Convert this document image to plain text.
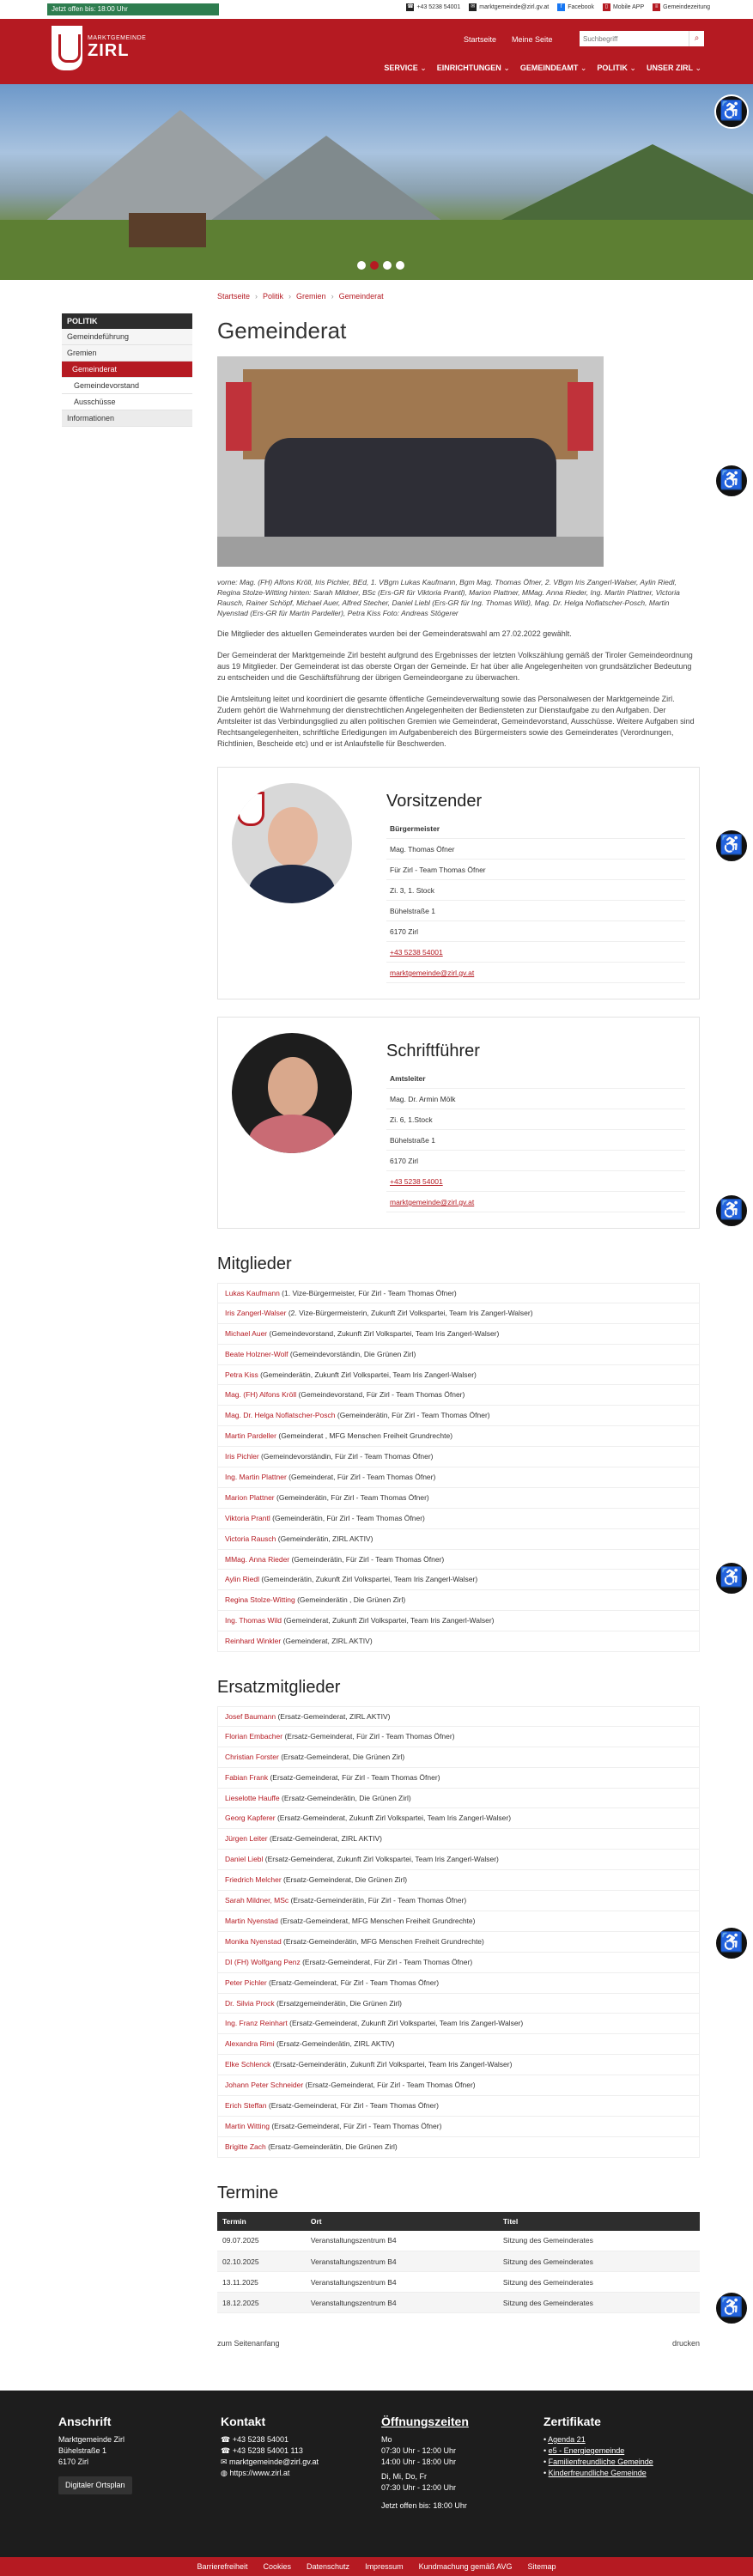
Jetzt offen bis: 18:00 Uhr	☎ +43 5238 54001	✉ marktgemeinde@zirl.gv.at	f Facebook	▯ Mobile APP	≡ Gemeindezeitung
MARKTGEMEINDE
ZIRL
Startseite Meine Seite
Suchbegriff	⌕
SERVICE ⌄	EINRICHTUNGEN ⌄	GEMEINDEAMT ⌄	POLITIK ⌄	UNSER ZIRL ⌄
♿
♿
♿
♿
♿
♿
♿
Startseite › Politik › Gremien › Gemeinderat
POLITIK
Gemeindeführung
Gremien
Gemeinderat
Gemeindevorstand
Ausschüsse
Informationen
Gemeinderat
vorne: Mag. (FH) Alfons Kröll, Iris Pichler, BEd, 1. VBgm Lukas Kaufmann, Bgm Mag. Thomas Öfner, 2. VBgm Iris Zangerl-Walser, Aylin Riedl, Regina Stolze-Witting hinten: Sarah Mildner, BSc (Ers-GR für Viktoria Prantl), Marion Plattner, MMag. Anna Rieder, Ing. Martin Plattner, Victoria Rausch, Rainer Schöpf, Michael Auer, Alfred Stecher, Daniel Liebl (Ers-GR für Ing. Thomas Wild), Mag. Dr. Helga Noflatscher-Posch, Martin Nyenstad (Ers-GR für Martin Pardeller), Petra Kiss Foto: Andreas Stögerer
Die Mitglieder des aktuellen Gemeinderates wurden bei der Gemeinderatswahl am 27.02.2022 gewählt.
Der Gemeinderat der Marktgemeinde Zirl besteht aufgrund des Ergebnisses der letzten Volkszählung gemäß der Tiroler Gemeindeordnung aus 19 Mitglieder. Der Gemeinderat ist das oberste Organ der Gemeinde. Er hat über alle Angelegenheiten von grundsätzlicher Bedeutung zu entscheiden und die Geschäftsführung der übrigen Gemeindeorgane zu überwachen.
Die Amtsleitung leitet und koordiniert die gesamte öffentliche Gemeindeverwaltung sowie das Personalwesen der Marktgemeinde Zirl. Zudem gehört die Wahrnehmung der dienstrechtlichen Angelegenheiten der Bediensteten zur Dienstaufgabe zu den Aufgaben. Der Amtsleiter ist das Verbindungsglied zu allen politischen Gremien wie Gemeinderat, Gemeindevorstand, Ausschüsse. Weitere Aufgaben sind Rechtsangelegenheiten, schriftliche Erledigungen im Aufgabenbereich des Bürgermeisters sowie des Gemeinderates (Verordnungen, Richtlinien, Bescheide etc) und er ist Anlaufstelle für Beschwerden.
Vorsitzender
Bürgermeister
Mag. Thomas Öfner
Für Zirl - Team Thomas Öfner
Zi. 3, 1. Stock
Bühelstraße 1
6170 Zirl
+43 5238 54001
marktgemeinde@zirl.gv.at
Schriftführer
Amtsleiter
Mag. Dr. Armin Mölk
Zi. 6, 1.Stock
Bühelstraße 1
6170 Zirl
+43 5238 54001
marktgemeinde@zirl.gv.at
Mitglieder
Lukas Kaufmann (1. Vize-Bürgermeister, Für Zirl - Team Thomas Öfner)
Iris Zangerl-Walser (2. Vize-Bürgermeisterin, Zukunft Zirl Volkspartei, Team Iris Zangerl-Walser)
Michael Auer (Gemeindevorstand, Zukunft Zirl Volkspartei, Team Iris Zangerl-Walser)
Beate Holzner-Wolf (Gemeindevorständin, Die Grünen Zirl)
Petra Kiss (Gemeinderätin, Zukunft Zirl Volkspartei, Team Iris Zangerl-Walser)
Mag. (FH) Alfons Kröll (Gemeindevorstand, Für Zirl - Team Thomas Öfner)
Mag. Dr. Helga Noflatscher-Posch (Gemeinderätin, Für Zirl - Team Thomas Öfner)
Martin Pardeller (Gemeinderat , MFG Menschen Freiheit Grundrechte)
Iris Pichler (Gemeindevorständin, Für Zirl - Team Thomas Öfner)
Ing. Martin Plattner (Gemeinderat, Für Zirl - Team Thomas Öfner)
Marion Plattner (Gemeinderätin, Für Zirl - Team Thomas Öfner)
Viktoria Prantl (Gemeinderätin, Für Zirl - Team Thomas Öfner)
Victoria Rausch (Gemeinderätin, ZIRL AKTIV)
MMag. Anna Rieder (Gemeinderätin, Für Zirl - Team Thomas Öfner)
Aylin Riedl (Gemeinderätin, Zukunft Zirl Volkspartei, Team Iris Zangerl-Walser)
Regina Stolze-Witting (Gemeinderätin , Die Grünen Zirl)
Ing. Thomas Wild (Gemeinderat, Zukunft Zirl Volkspartei, Team Iris Zangerl-Walser)
Reinhard Winkler (Gemeinderat, ZIRL AKTIV)
Ersatzmitglieder
Josef Baumann (Ersatz-Gemeinderat, ZIRL AKTIV)
Florian Embacher (Ersatz-Gemeinderat, Für Zirl - Team Thomas Öfner)
Christian Forster (Ersatz-Gemeinderat, Die Grünen Zirl)
Fabian Frank (Ersatz-Gemeinderat, Für Zirl - Team Thomas Öfner)
Lieselotte Hauffe (Ersatz-Gemeinderätin, Die Grünen Zirl)
Georg Kapferer (Ersatz-Gemeinderat, Zukunft Zirl Volkspartei, Team Iris Zangerl-Walser)
Jürgen Leiter (Ersatz-Gemeinderat, ZIRL AKTIV)
Daniel Liebl (Ersatz-Gemeinderat, Zukunft Zirl Volkspartei, Team Iris Zangerl-Walser)
Friedrich Melcher (Ersatz-Gemeinderat, Die Grünen Zirl)
Sarah Mildner, MSc (Ersatz-Gemeinderätin, Für Zirl - Team Thomas Öfner)
Martin Nyenstad (Ersatz-Gemeinderat, MFG Menschen Freiheit Grundrechte)
Monika Nyenstad (Ersatz-Gemeinderätin, MFG Menschen Freiheit Grundrechte)
DI (FH) Wolfgang Penz (Ersatz-Gemeinderat, Für Zirl - Team Thomas Öfner)
Peter Pichler (Ersatz-Gemeinderat, Für Zirl - Team Thomas Öfner)
Dr. Silvia Prock (Ersatzgemeinderätin, Die Grünen Zirl)
Ing. Franz Reinhart (Ersatz-Gemeinderat, Zukunft Zirl Volkspartei, Team Iris Zangerl-Walser)
Alexandra Rimi (Ersatz-Gemeinderätin, ZIRL AKTIV)
Elke Schlenck (Ersatz-Gemeinderätin, Zukunft Zirl Volkspartei, Team Iris Zangerl-Walser)
Johann Peter Schneider (Ersatz-Gemeinderat, Für Zirl - Team Thomas Öfner)
Erich Steffan (Ersatz-Gemeinderat, Für Zirl - Team Thomas Öfner)
Martin Witting (Ersatz-Gemeinderat, Für Zirl - Team Thomas Öfner)
Brigitte Zach (Ersatz-Gemeinderätin, Die Grünen Zirl)
Termine
Termin	Ort	Titel
09.07.2025	Veranstaltungszentrum B4	Sitzung des Gemeinderates
02.10.2025	Veranstaltungszentrum B4	Sitzung des Gemeinderates
13.11.2025	Veranstaltungszentrum B4	Sitzung des Gemeinderates
18.12.2025	Veranstaltungszentrum B4	Sitzung des Gemeinderates
zum Seitenanfang	drucken
Anschrift
Marktgemeinde Zirl
Bühelstraße 1
6170 Zirl
Digitaler Ortsplan
Kontakt
☎ +43 5238 54001
☎ +43 5238 54001 113
✉ marktgemeinde@zirl.gv.at
◍ https://www.zirl.at
Öffnungszeiten
Mo
07:30 Uhr - 12:00 Uhr
14:00 Uhr - 18:00 Uhr
Di, Mi, Do, Fr
07:30 Uhr - 12:00 Uhr
Jetzt offen bis: 18:00 Uhr
Zertifikate
• Agenda 21
• e5 - Energiegemeinde
• Familienfreundliche Gemeinde
• Kinderfreundliche Gemeinde
Barrierefreiheit Cookies Datenschutz Impressum Kundmachung gemäß AVG Sitemap
